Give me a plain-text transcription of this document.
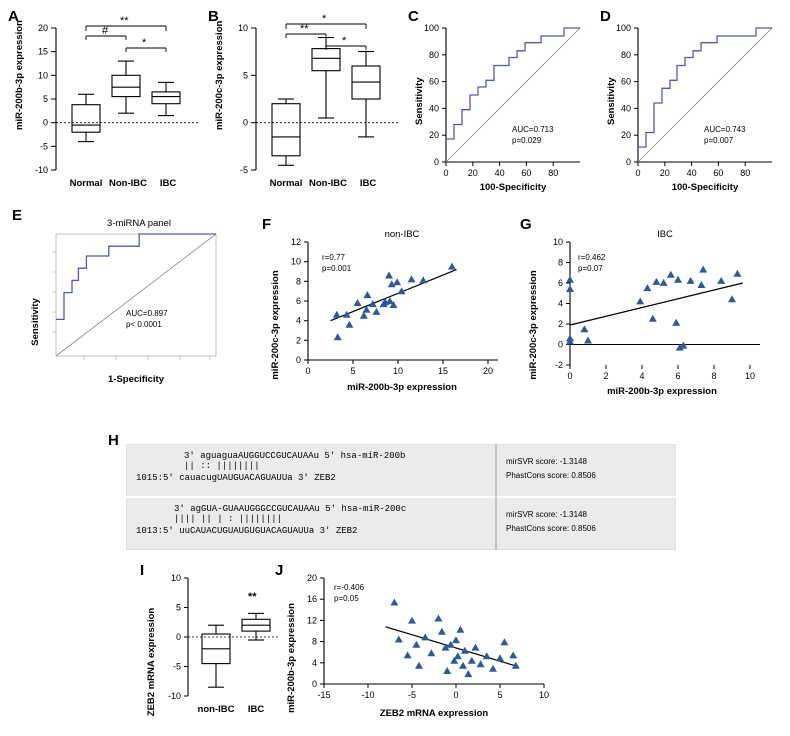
A	B	C	D
E
F	G
H
I	J
miR-200b-3p expression
-10
-5
0
5
10
15
20	#
**
*
Normal Non-IBC IBC
miR-200c-3p expression
-5
0
5
10	**
*
*
Normal Non-IBC IBC
Sensitivity
0
20
40
60
80
100
0 20 40 60 80
100-Specificity
AUC=0.713
p=0.029
Sensitivity
0
20
40
60
80
100
0 20 40 60 80
100-Specificity
AUC=0.743
p=0.007
3-miRNA panel
Sensitivity
1-Specificity
AUC=0.897
p< 0.0001
non-IBC
miR-200c-3p expression 0
2
4
6
8
10
12
0	5	10	15	20
miR-200b-3p expression
r=0.77
p=0.001
IBC
miR-200c-3p expression -2
0
2
4
6
8
10
0	2	4	6	8	10
miR-200b-3p expression
r=0.462
p=0.07
3' aguaguaAUGGUCCGUCAUAAu 5' hsa-miR-200b
|| :: ||||||||
1015:5' cauacugUAUGUACAGUAUUa 3' ZEB2
mirSVR score: -1.3148
PhastCons score: 0.8506
3' agGUA-GUAAUGGGCCGUCAUAAu 5' hsa-miR-200c
|||| || | : ||||||||
1013:5' uuCAUACUGUAUGUGUACAGUAUUa 3' ZEB2
mirSVR score: -1.3148
PhastCons score: 0.8506
ZEB2 mRNA expression -10
-5
0
5
10
**
non-IBC IBC miR-200b-3p expression 0
4
8
12
16
20
-15	-10	-5	0	5	10
ZEB2 mRNA expression
r=-0.406
p=0.05
